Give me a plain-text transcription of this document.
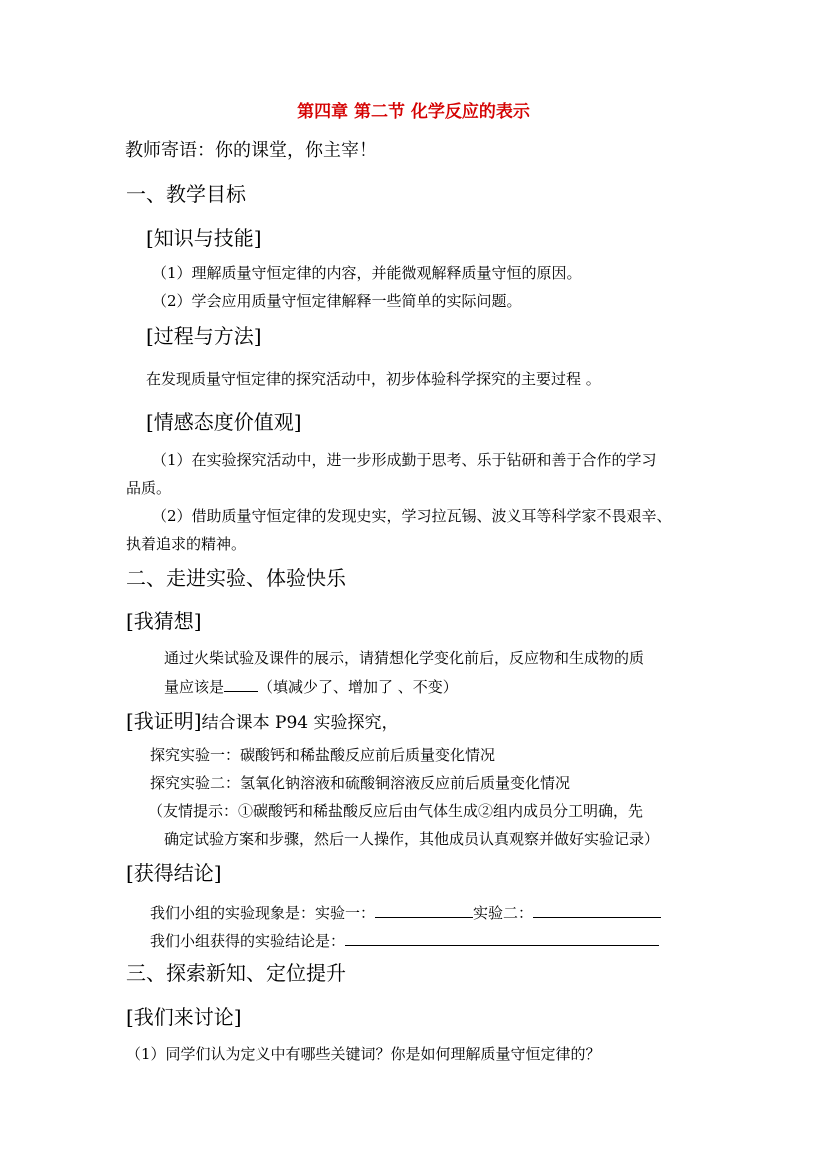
第四章 第二节 化学反应的表示
教师寄语：你的课堂，你主宰！
一、教学目标
[知识与技能]
（1）理解质量守恒定律的内容，并能微观解释质量守恒的原因。
（2）学会应用质量守恒定律解释一些简单的实际问题。
[过程与方法]
在发现质量守恒定律的探究活动中，初步体验科学探究的主要过程 。
[情感态度价值观]
（1）在实验探究活动中，进一步形成勤于思考、乐于钻研和善于合作的学习
品质。
（2）借助质量守恒定律的发现史实，学习拉瓦锡、波义耳等科学家不畏艰辛、
执着追求的精神。
二、走进实验、体验快乐
[我猜想]
通过火柴试验及课件的展示，请猜想化学变化前后，反应物和生成物的质
量应该是 （填减少了、增加了 、不变）
[我证明]结合课本 P94 实验探究，
探究实验一：碳酸钙和稀盐酸反应前后质量变化情况
探究实验二：氢氧化钠溶液和硫酸铜溶液反应前后质量变化情况
（友情提示：①碳酸钙和稀盐酸反应后由气体生成②组内成员分工明确，先
确定试验方案和步骤，然后一人操作，其他成员认真观察并做好实验记录）
[获得结论]
我们小组的实验现象是：实验一：	实验二：
我们小组获得的实验结论是：
三、探索新知、定位提升
[我们来讨论]
（1）同学们认为定义中有哪些关键词？你是如何理解质量守恒定律的？
